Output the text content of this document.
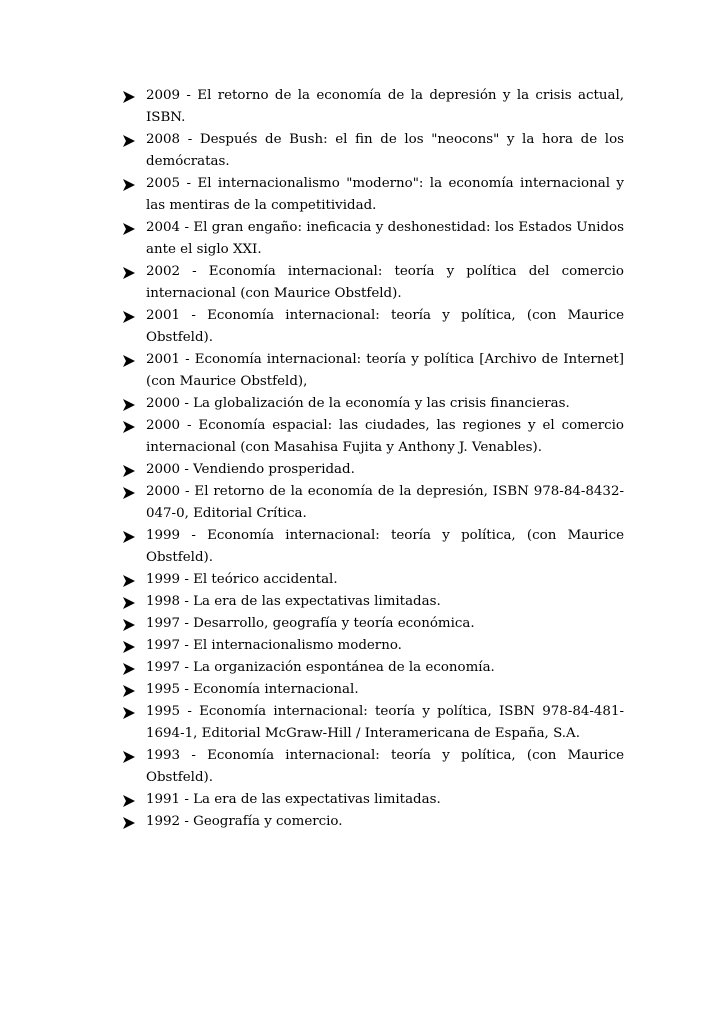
2009 - El retorno de la economía de la depresión y la crisis actual, ISBN.

2008 - Después de Bush: el fin de los "neocons" y la hora de los demócratas.

2005 - El internacionalismo "moderno": la economía internacional y las mentiras de la competitividad.

2004 - El gran engaño: ineficacia y deshonestidad: los Estados Unidos ante el siglo XXI.

2002 - Economía internacional: teoría y política del comercio internacional (con Maurice Obstfeld).

2001 - Economía internacional: teoría y política, (con Maurice Obstfeld).

2001 - Economía internacional: teoría y política [Archivo de Internet](con Maurice Obstfeld),

2000 - La globalización de la economía y las crisis financieras.

2000 - Economía espacial: las ciudades, las regiones y el comercio internacional (con Masahisa Fujita y Anthony J. Venables).

2000 - Vendiendo prosperidad.

2000 - El retorno de la economía de la depresión, ISBN 978-84-8432-047-0, Editorial Crítica.

1999 - Economía internacional: teoría y política, (con Maurice Obstfeld).

1999 - El teórico accidental.

1998 - La era de las expectativas limitadas.

1997 - Desarrollo, geografía y teoría económica.

1997 - El internacionalismo moderno.

1997 - La organización espontánea de la economía.

1995 - Economía internacional.

1995 - Economía internacional: teoría y política, ISBN 978-84-481-1694-1, Editorial McGraw-Hill / Interamericana de España, S.A.

1993 - Economía internacional: teoría y política, (con Maurice Obstfeld).

1991 - La era de las expectativas limitadas.

1992 - Geografía y comercio.
